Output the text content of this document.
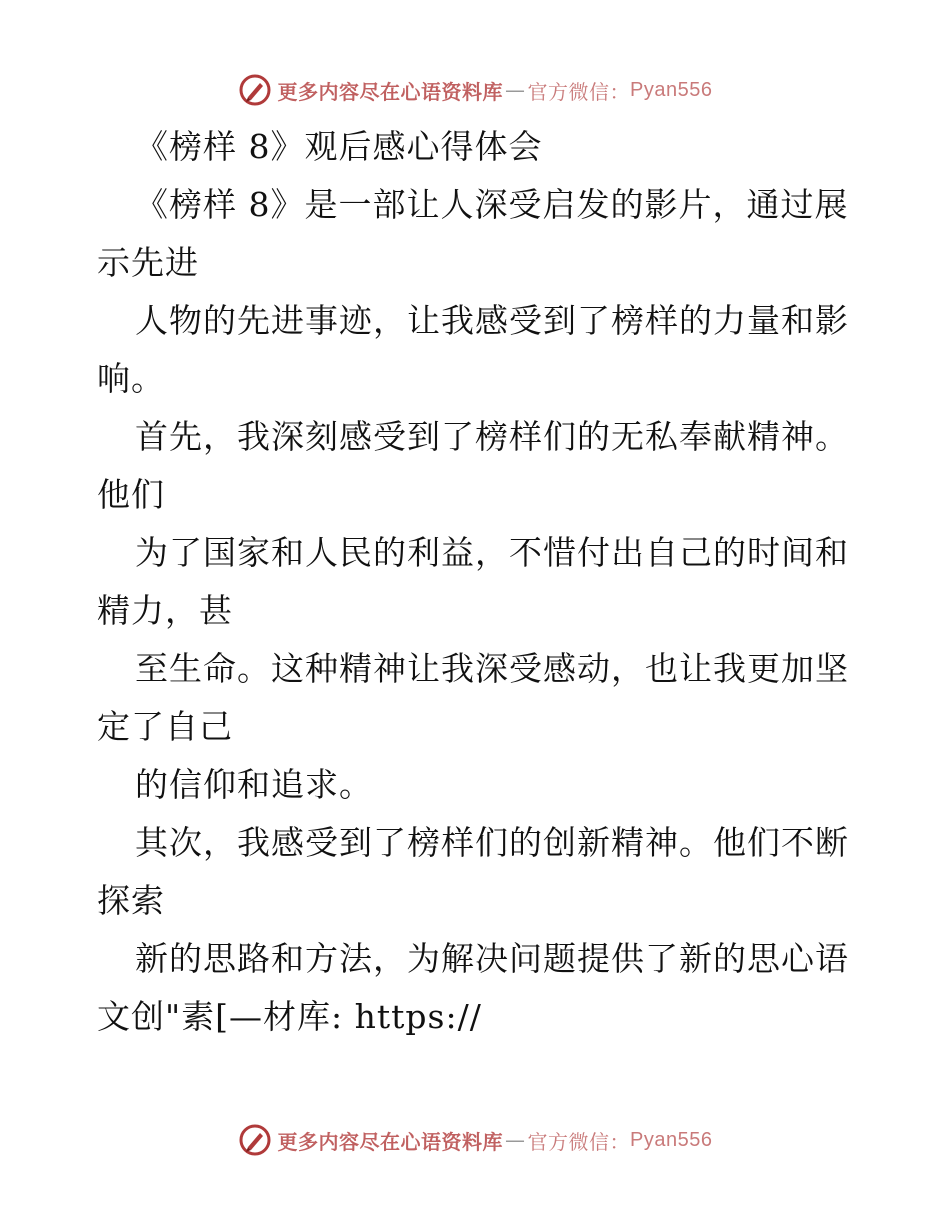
更多内容尽在心语资料库 — 官方微信： Pyan556
《榜样 8》观后感心得体会
《榜样 8》是一部让人深受启发的影片，通过展
示先进
人物的先进事迹，让我感受到了榜样的力量和影
响。
首先，我深刻感受到了榜样们的无私奉献精神。
他们
为了国家和人民的利益，不惜付出自己的时间和
精力，甚
至生命。这种精神让我深受感动，也让我更加坚
定了自己
的信仰和追求。
其次，我感受到了榜样们的创新精神。他们不断
探索
新的思路和方法，为解决问题提供了新的思心语
文创"素[—材库: https://
更多内容尽在心语资料库 — 官方微信： Pyan556
